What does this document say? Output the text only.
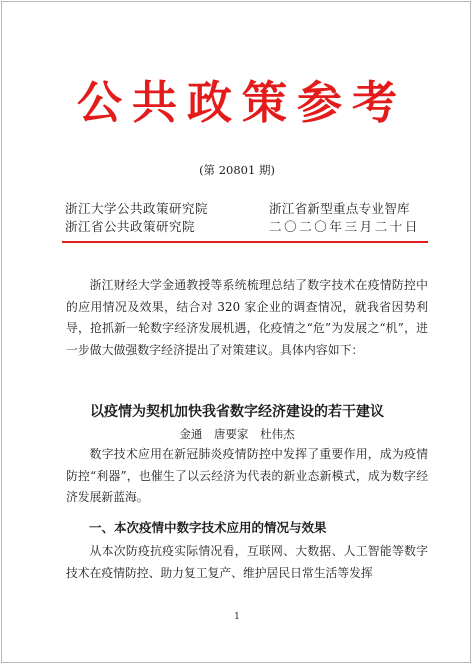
公共政策参考
(第 20801 期)
浙江大学公共政策研究院
浙江省公共政策研究院
浙江省新型重点专业智库
二〇二〇年三月二十日
浙江财经大学金通教授等系统梳理总结了数字技术在疫情防控中的应用情况及效果，结合对 320 家企业的调查情况，就我省因势利导，抢抓新一轮数字经济发展机遇，化疫情之“危”为发展之“机”，进一步做大做强数字经济提出了对策建议。具体内容如下：
以疫情为契机加快我省数字经济建设的若干建议
金通 唐要家 杜伟杰
数字技术应用在新冠肺炎疫情防控中发挥了重要作用，成为疫情防控“利器”，也催生了以云经济为代表的新业态新模式，成为数字经济发展新蓝海。
一、本次疫情中数字技术应用的情况与效果
从本次防疫抗疫实际情况看，互联网、大数据、人工智能等数字技术在疫情防控、助力复工复产、维护居民日常生活等发挥
1
